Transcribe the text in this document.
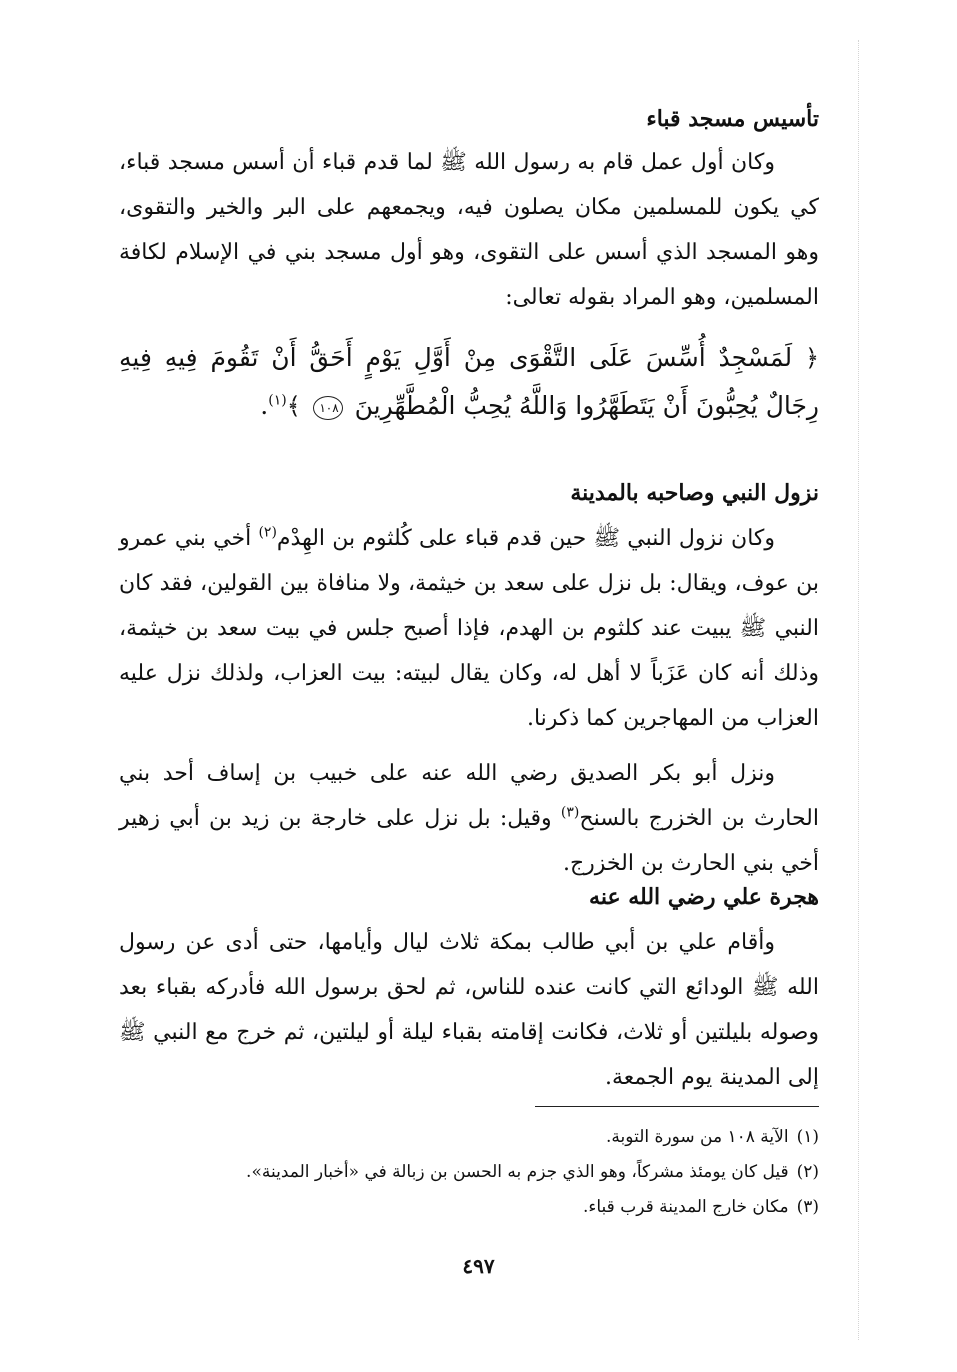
تأسيس مسجد قباء

وكان أول عمل قام به رسول الله ﷺ لما قدم قباء أن أسس مسجد قباء، كي يكون للمسلمين مكان يصلون فيه، ويجمعهم على البر والخير والتقوى، وهو المسجد الذي أسس على التقوى، وهو أول مسجد بني في الإسلام لكافة المسلمين، وهو المراد بقوله تعالى:

﴿ لَمَسْجِدٌ أُسِّسَ عَلَى التَّقْوَى مِنْ أَوَّلِ يَوْمٍ أَحَقُّ أَنْ تَقُومَ فِيهِ فِيهِ رِجَالٌ يُحِبُّونَ أَنْ يَتَطَهَّرُوا وَاللَّهُ يُحِبُّ الْمُطَّهِّرِينَ ١٠٨ ﴾$^{(١)}$.

نزول النبي وصاحبه بالمدينة

وكان نزول النبي ﷺ حين قدم قباء على كُلثوم بن الهِدْم$^{(٢)}$ أخي بني عمرو بن عوف، ويقال: بل نزل على سعد بن خيثمة، ولا منافاة بين القولين، فقد كان النبي ﷺ يبيت عند كلثوم بن الهدم، فإذا أصبح جلس في بيت سعد بن خيثمة، وذلك أنه كان عَزَباً لا أهل له، وكان يقال لبيته: بيت العزاب، ولذلك نزل عليه العزاب من المهاجرين كما ذكرنا.

ونزل أبو بكر الصديق رضي الله عنه على خبيب بن إساف أحد بني الحارث بن الخزرج بالسنح$^{(٣)}$ وقيل: بل نزل على خارجة بن زيد بن أبي زهير أخي بني الحارث بن الخزرج.

هجرة علي رضي الله عنه

وأقام علي بن أبي طالب بمكة ثلاث ليال وأيامها، حتى أدى عن رسول الله ﷺ الودائع التي كانت عنده للناس، ثم لحق برسول الله فأدركه بقباء بعد وصوله بليلتين أو ثلاث، فكانت إقامته بقباء ليلة أو ليلتين، ثم خرج مع النبي ﷺ إلى المدينة يوم الجمعة.

(١)الآية ١٠٨ من سورة التوبة.

(٢)قيل كان يومئذ مشركاً، وهو الذي جزم به الحسن بن زبالة في «أخبار المدينة».

(٣)مكان خارج المدينة قرب قباء.

٤٩٧
